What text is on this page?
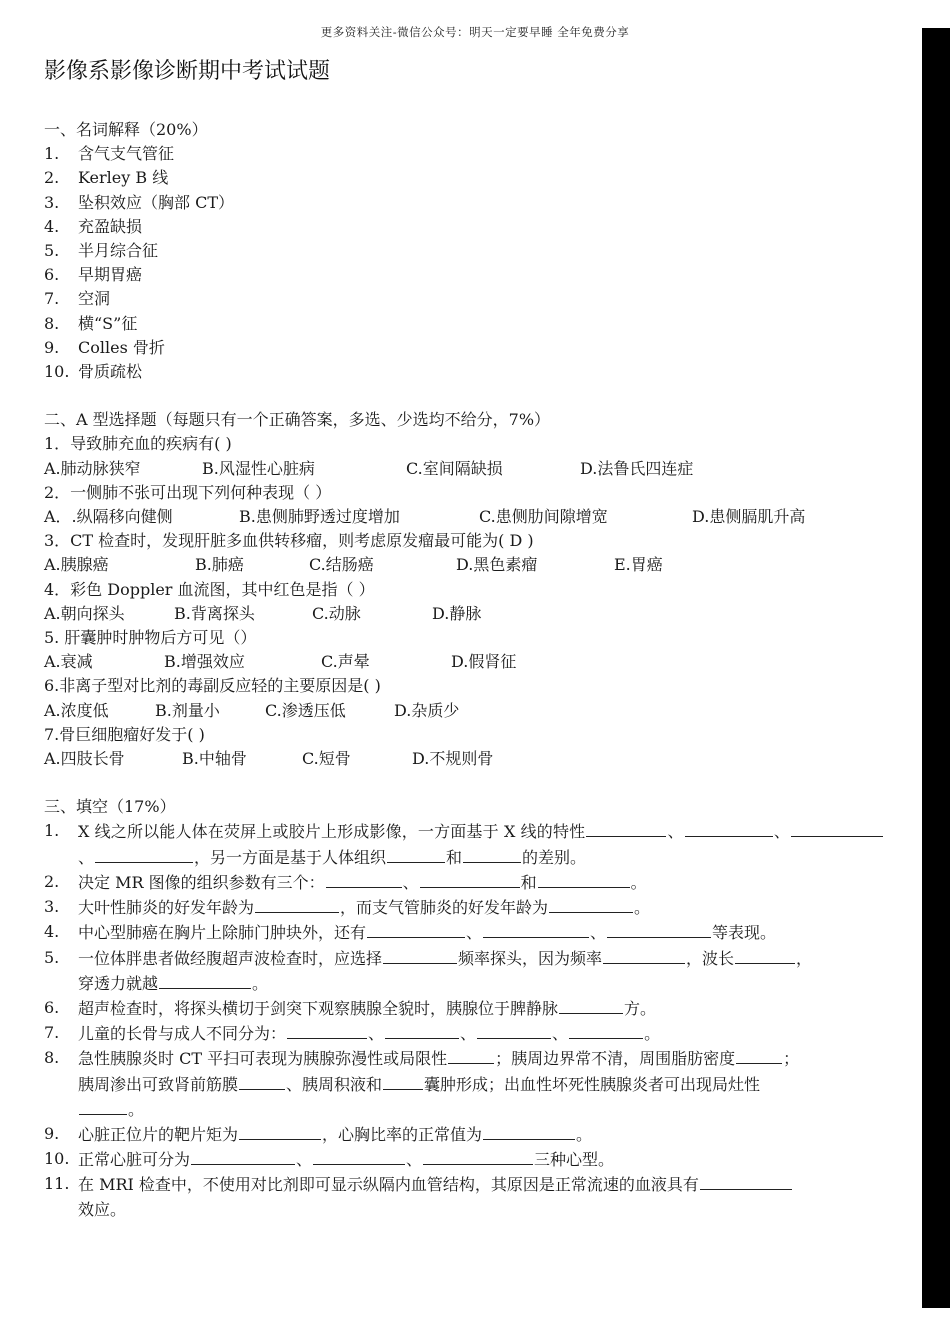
更多资料关注-微信公众号：明天一定要早睡 全年免费分享
影像系影像诊断期中考试试题
一、名词解释（20%）
1.	含气支气管征
2.	Kerley B 线
3.	坠积效应（胸部 CT）
4.	充盈缺损
5.	半月综合征
6.	早期胃癌
7.	空洞
8.	横“S”征
9.	Colles 骨折
10. 骨质疏松
二、A 型选择题（每题只有一个正确答案，多选、少选均不给分，7%）
1．导致肺充血的疾病有( )
A.肺动脉狭窄	B.风湿性心脏病	C.室间隔缺损	D.法鲁氏四连症
2．一侧肺不张可出现下列何种表现（ ）
A．.纵隔移向健侧	B.患侧肺野透过度增加	C.患侧肋间隙增宽	D.患侧膈肌升高
3．CT 检查时，发现肝脏多血供转移瘤，则考虑原发瘤最可能为( D )
A.胰腺癌	B.肺癌	C.结肠癌	D.黑色素瘤	E.胃癌
4．彩色 Doppler 血流图，其中红色是指（ ）
A.朝向探头	B.背离探头	C.动脉	D.静脉
5. 肝囊肿时肿物后方可见（）
A.衰减	B.增强效应	C.声晕	D.假肾征
6.非离子型对比剂的毒副反应轻的主要原因是( )
A.浓度低	B.剂量小	C.渗透压低	D.杂质少
7.骨巨细胞瘤好发于( )
A.四肢长骨	B.中轴骨	C.短骨	D.不规则骨
三、填空（17%）
1.	X 线之所以能人体在荧屏上或胶片上形成影像，一方面基于 X 线的特性	、	、、	，另一方面是基于人体组织	和	的差别。
2.	决定 MR 图像的组织参数有三个：	、	和	。
3.	大叶性肺炎的好发年龄为	，而支气管肺炎的好发年龄为	。
4.	中心型肺癌在胸片上除肺门肿块外，还有	、	、	等表现。
5.	一位体胖患者做经腹超声波检查时，应选择	频率探头，因为频率	，波长	，
穿透力就越	。
6.	超声检查时，将探头横切于剑突下观察胰腺全貌时，胰腺位于脾静脉	方。
7.	儿童的长骨与成人不同分为：	、	、	、	。
8.	急性胰腺炎时 CT 平扫可表现为胰腺弥漫性或局限性	；胰周边界常不清，周围脂肪密度	；
胰周渗出可致肾前筋膜	、胰周积液和	囊肿形成；出血性坏死性胰腺炎者可出现局灶性
。
9.	心脏正位片的靶片矩为	，心胸比率的正常值为	。
10. 正常心脏可分为	、	、	三种心型。
11. 在 MRI 检查中，不使用对比剂即可显示纵隔内血管结构，其原因是正常流速的血液具有
效应。
